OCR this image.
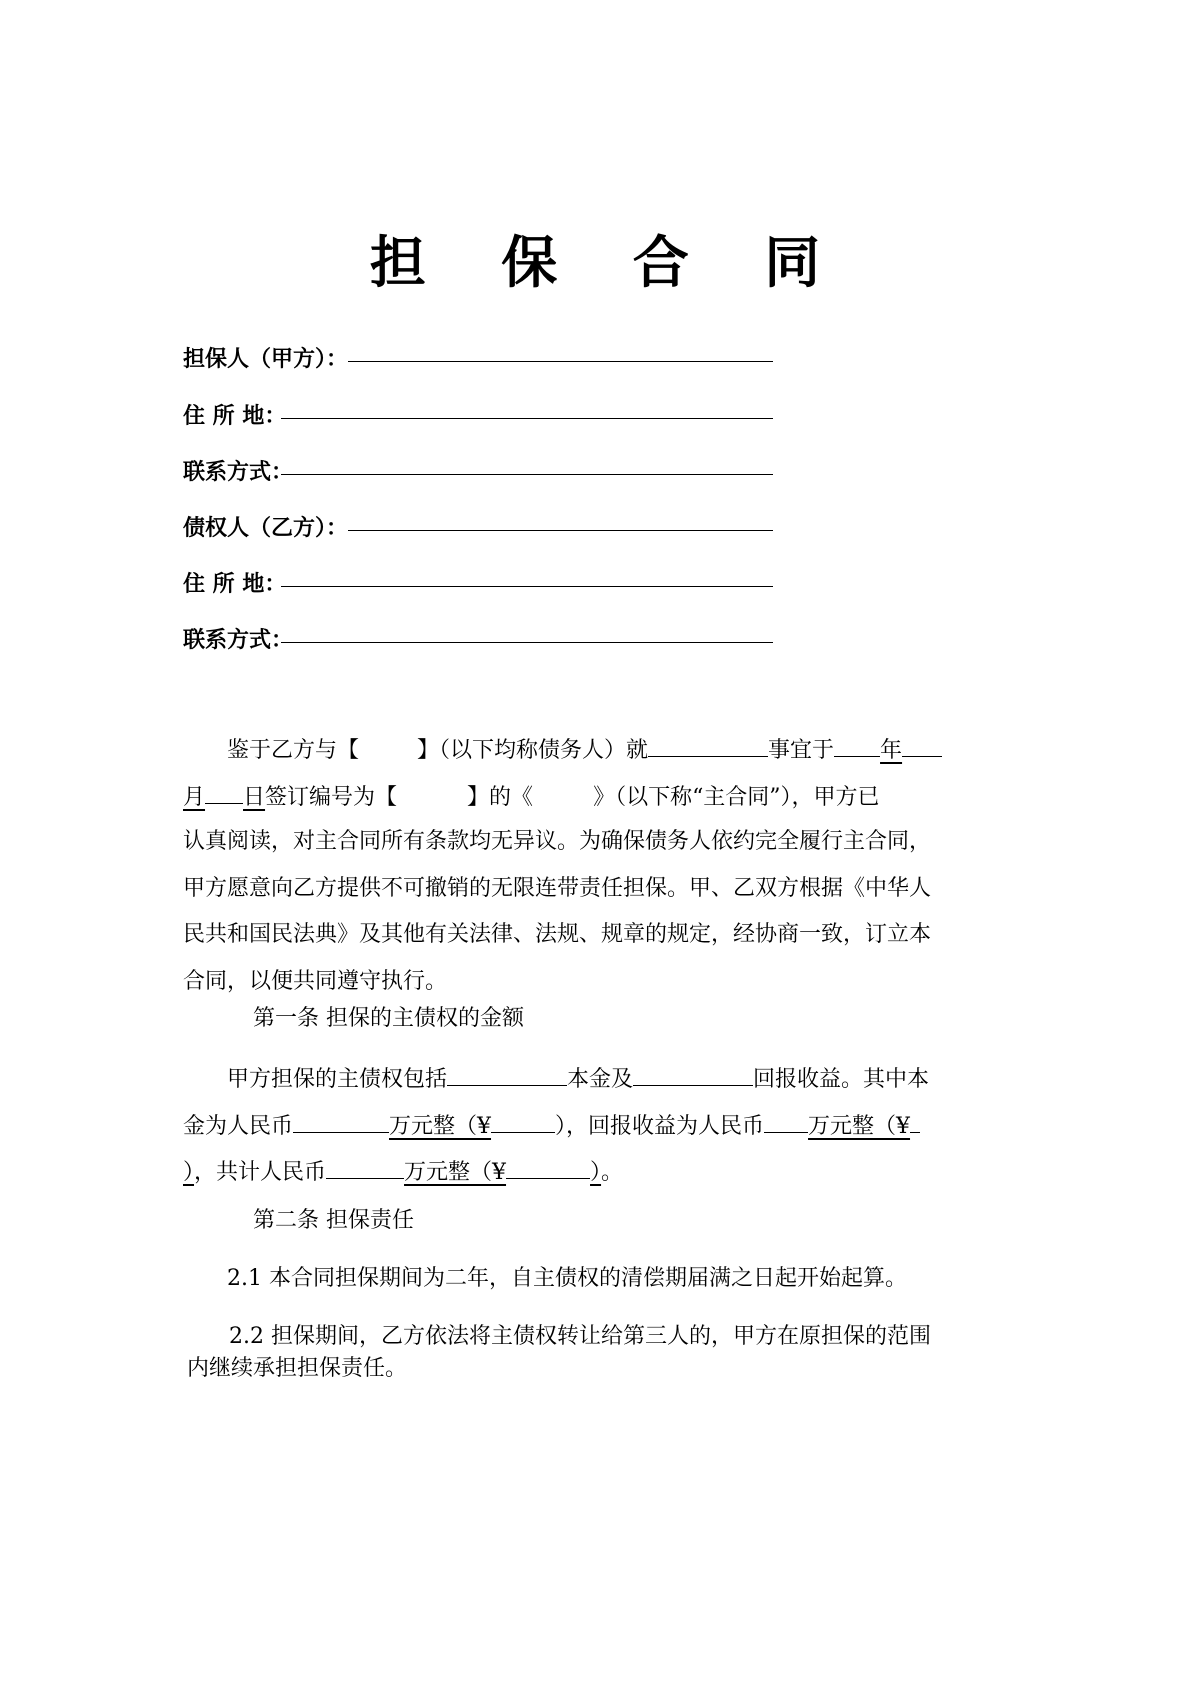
担 保 合 同
担保人（甲方）：
住 所 地：
联系方式：
债权人（乙方）：
住 所 地：
联系方式：
鉴于乙方与【	】（以下均称债务人）就	事宜于 年
月 日签订编号为【	】的《	》（以下称“主合同”），甲方已
认真阅读，对主合同所有条款均无异议。为确保债务人依约完全履行主合同，
甲方愿意向乙方提供不可撤销的无限连带责任担保。甲、乙双方根据《中华人
民共和国民法典》及其他有关法律、法规、规章的规定，经协商一致，订立本
合同，以便共同遵守执行。
第一条 担保的主债权的金额
甲方担保的主债权包括	本金及	回报收益。其中本
金为人民币	万元整（¥	），回报收益为人民币 万元整（¥
），共计人民币	万元整（¥	）。
第二条 担保责任
2.1 本合同担保期间为二年，自主债权的清偿期届满之日起开始起算。
2.2 担保期间，乙方依法将主债权转让给第三人的，甲方在原担保的范围
内继续承担担保责任。
